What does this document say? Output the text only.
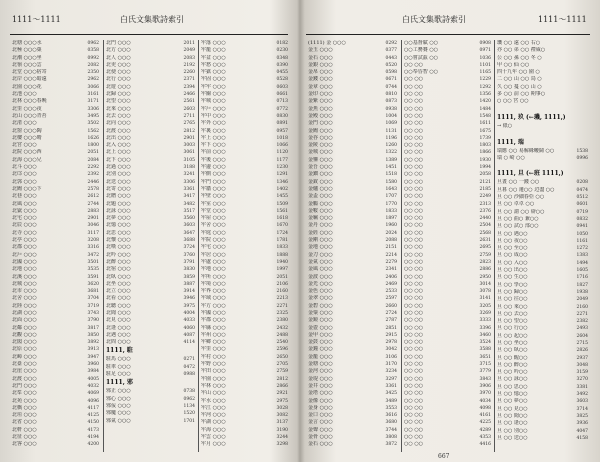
1111～1111	白氏文集歌詩索引
北塘 ○○○水	0962
北極 ○○○菓	0358
北潮 ○○○坐	0992
北嶺 ○○○雲	2082
北堂 ○○○宿寄	2350
北岸 ○○○暗遠	2962
北園 ○○○花	3066
北池 ○○○	3161
北林 ○○○春晚	3171
北里 ○○○夜	3306
北山 ○○○青苔	3495
北渚 ○○○	3502
北窗 ○○○陶	1562
北樓 ○○○晴	1626
北宮 ○○○	1800
北院 ○○○西	2051
北海 ○○○兄	2084
北斗 ○○○	2292
北邙 ○○○	2392
北郭 ○○○	2446
北闕 ○○○下	2578
北巷 ○○○	2612
北風 ○○○	2744
北嶽 ○○○	2883
北宅 ○○○	2901
北辰 ○○○	3046
北寺 ○○○	3117
北亭 ○○○	3208
北郡 ○○○	3316
北戶 ○○○	3472
北國 ○○○	3501
北地 ○○○	3535
北溪 ○○○	3591
北城 ○○○	3620
北市 ○○○	3681
北舍 ○○○	3704
北陸 ○○○	3719
北湖 ○○○	3743
北面 ○○○	3790
北鄰 ○○○	3817
北觀 ○○○	3850
北閣 ○○○	3892
北原 ○○○	3913
北嶂 ○○○	3947
北臺 ○○○	3960
北崖 ○○○	3984
北渡 ○○○	4005
北門 ○○○	4032
北峯 ○○○	4069
北苑 ○○○	4096
北橋 ○○○	4117
北垣 ○○○	4125
北省 ○○○	4150
北軒 ○○○	4173
北征 ○○○	4194
北客 ○○○	4200
北門 ○○○	2011
北方 ○○○	2049
北人 ○○○	2083
北吏 ○○○	2192
北使 ○○○	2260
北行 ○○○	2371
北遊 ○○○	2394
北歸 ○○○	2466
北望 ○○○	2561
北來 ○○○	2603
北去 ○○○	2711
北向 ○○○	2765
北渡 ○○○	2812
北出 ○○○	2901
北入 ○○○	3003
北上 ○○○	3061
北下 ○○○	3105
北過 ○○○	3188
北別 ○○○	3241
北送 ○○○	3306
北寄 ○○○	3361
北贈 ○○○	3417
北題 ○○○	3482
北詠 ○○○	3517
北夢 ○○○	3560
北憶 ○○○	3603
北思 ○○○	3647
北懷 ○○○	3688
北嘆 ○○○	3724
北吟 ○○○	3760
北醉 ○○○	3791
北宿 ○○○	3830
北臥 ○○○	3859
北坐 ○○○	3887
北立 ○○○	3914
北看 ○○○	3946
北聽 ○○○	3975
北聞 ○○○	4004
北見 ○○○	4033
北逢 ○○○	4060
北遇 ○○○	4087
北問 ○○○	4114
1111, 駐
駐馬 ○○○	0271
駐車 ○○○	0472
駐足 ○○○	0988
1111, 邪
邪正 ○○○	0738
邪心 ○○○	0962
邪佞 ○○○	1134
邪魔 ○○○	1520
邪氣 ○○○	1701
牢落 ○○○	0182
牢籠 ○○○	0230
牢盆 ○○○	0348
牢愁 ○○○	0390
牢獄 ○○○	0455
牢固 ○○○	0528
牢牢 ○○○	0603
牢關 ○○○	0661
牢城 ○○○	0713
牢戶 ○○○	0772
牢中 ○○○	0830
牢外 ○○○	0891
牢裏 ○○○	0957
牢上 ○○○	1018
牢下 ○○○	1066
牢前 ○○○	1120
牢後 ○○○	1177
牢邊 ○○○	1230
牢側 ○○○	1291
牢門 ○○○	1346
牢牆 ○○○	1402
牢壁 ○○○	1455
牢室 ○○○	1509
牢堂 ○○○	1561
牢屋 ○○○	1618
牢舍 ○○○	1670
牢庭 ○○○	1724
牢院 ○○○	1781
牢宅 ○○○	1833
牢居 ○○○	1888
牢處 ○○○	1940
牢地 ○○○	1997
牢所 ○○○	2051
牢境 ○○○	2106
牢界 ○○○	2160
牢域 ○○○	2213
牢方 ○○○	2271
牢國 ○○○	2325
牢郡 ○○○	2380
牢縣 ○○○	2432
牢州 ○○○	2488
牢鄉 ○○○	2540
牢里 ○○○	2596
牢村 ○○○	2650
牢野 ○○○	2705
牢田 ○○○	2759
牢園 ○○○	2812
牢林 ○○○	2866
牢山 ○○○	2921
牢水 ○○○	2975
牢江 ○○○	3028
牢河 ○○○	3082
牢湖 ○○○	3137
牢海 ○○○	3190
牢雲 ○○○	3244
牢月 ○○○	3298
白氏文集歌詩索引	1111～1111
(1111) 金 ○○○	0292
金玉 ○○○	0377
金石 ○○○	0443
金銀 ○○○	0520
金帛 ○○○	0598
金錢 ○○○	0671
金章 ○○○	0744
金印 ○○○	0810
金紫 ○○○	0873
金魚 ○○○	0938
金殿 ○○○	1004
金門 ○○○	1069
金闕 ○○○	1131
金谷 ○○○	1196
金陵 ○○○	1260
金城 ○○○	1322
金鑾 ○○○	1389
金吾 ○○○	1451
金鈿 ○○○	1518
金釵 ○○○	1580
金爐 ○○○	1643
金盃 ○○○	1707
金觴 ○○○	1770
金鞍 ○○○	1833
金羈 ○○○	1897
金丹 ○○○	1960
金經 ○○○	2024
金剛 ○○○	2088
金地 ○○○	2151
金刀 ○○○	2214
金氣 ○○○	2279
金風 ○○○	2341
金波 ○○○	2406
金光 ○○○	2469
金色 ○○○	2533
金翠 ○○○	2597
金碧 ○○○	2660
金粟 ○○○	2724
金鏡 ○○○	2787
金壺 ○○○	2851
金甲 ○○○	2915
金鼓 ○○○	2978
金鐘 ○○○	3042
金籠 ○○○	3106
金塘 ○○○	3170
金河 ○○○	3234
金堤 ○○○	3297
金井 ○○○	3361
金塔 ○○○	3425
金像 ○○○	3489
金身 ○○○	3553
金口 ○○○	3616
金言 ○○○	3680
金聲 ○○○	3744
金骨 ○○○	3808
金石 ○○○	3872
○○基督賦 ○○	0908
○○工務賽 ○○	0971
○○嘗試茲 ○○	1036
○○ ○○	1101
○○奉昏智 ○○	1165
○○ ○○	1229
○○ ○○	1292
○○ ○○	1356
○○ ○○	1420
○○ ○○	1484
○○ ○○	1548
○○ ○○	1611
○○ ○○	1675
○○ ○○	1739
○○ ○○	1803
○○ ○○	1866
○○ ○○	1930
○○ ○○	1994
○○ ○○	2058
○○ ○○	2121
○○ ○○	2185
○○ ○○	2249
○○ ○○	2313
○○ ○○	2376
○○ ○○	2440
○○ ○○	2504
○○ ○○	2568
○○ ○○	2631
○○ ○○	2695
○○ ○○	2759
○○ ○○	2823
○○ ○○	2886
○○ ○○	2950
○○ ○○	3014
○○ ○○	3078
○○ ○○	3141
○○ ○○	3205
○○ ○○	3269
○○ ○○	3333
○○ ○○	3396
○○ ○○	3460
○○ ○○	3524
○○ ○○	3588
○○ ○○	3651
○○ ○○	3715
○○ ○○	3779
○○ ○○	3843
○○ ○○	3906
○○ ○○	3970
○○ ○○	4034
○○ ○○	4098
○○ ○○	4161
○○ ○○	4225
○○ ○○	4289
○○ ○○	4353
○○ ○○	4416
璣 ○○ 遠 ○○ 右○
亦 ○○ 弟 ○○ 禮威○
公 ○○ 孫 ○○ 冬 ○
甲 ○○ 仙 ○○
四十九年 ○○ 圍 ○
二 ○○ 山 ○○ 鳥 ○
久 ○○ 蔓 ○○ 山 ○
多 ○○ 前 ○○ 期事○
○ ○○ 宮 ○○
1111, 玖 (←璣, 1111,)
→ 紙○
1111, 瑞
瑞應 ○○ 易解緣鞭鬪 ○○	1538
瑞 ○ 崎 ○○	0996
1111, 旦 (←班 1111,)
旦晝 ○○ 一錢 ○○	0208
旦暮 ○○ 遷○○ 辺盡 ○○	0474
旦 ○○ 沙細春亞 ○○	0512
旦 ○○ 卓卓 ○○	0601
旦 ○○ 謂 ○○ 辯○○	0719
旦 ○○ 曲○ 兼○○	0832
旦 ○○ 試○ 部○○	0941
旦 ○○ 遇○○	1050
旦 ○○ 夜○○	1161
旦 ○○ 至○○	1272
旦 ○○ 成○○	1383
旦 ○○ 入○○	1494
旦 ○○ 出○○	1605
旦 ○○ 生○○	1716
旦 ○○ 學○○	1827
旦 ○○ 歸○○	1938
旦 ○○ 往○○	2049
旦 ○○ 來○○	2160
旦 ○○ 去○○	2271
旦 ○○ 望○○	2382
旦 ○○ 行○○	2493
旦 ○○ 起○○	2604
旦 ○○ 坐○○	2715
旦 ○○ 臥○○	2826
旦 ○○ 醒○○	2937
旦 ○○ 醉○○	3048
旦 ○○ 吟○○	3159
旦 ○○ 詠○○	3270
旦 ○○ 思○○	3381
旦 ○○ 憶○○	3492
旦 ○○ 夢○○	3603
旦 ○○ 見○○	3714
旦 ○○ 聞○○	3825
旦 ○○ 逢○○	3936
旦 ○○ 別○○	4047
旦 ○○ 送○○	4158
667
